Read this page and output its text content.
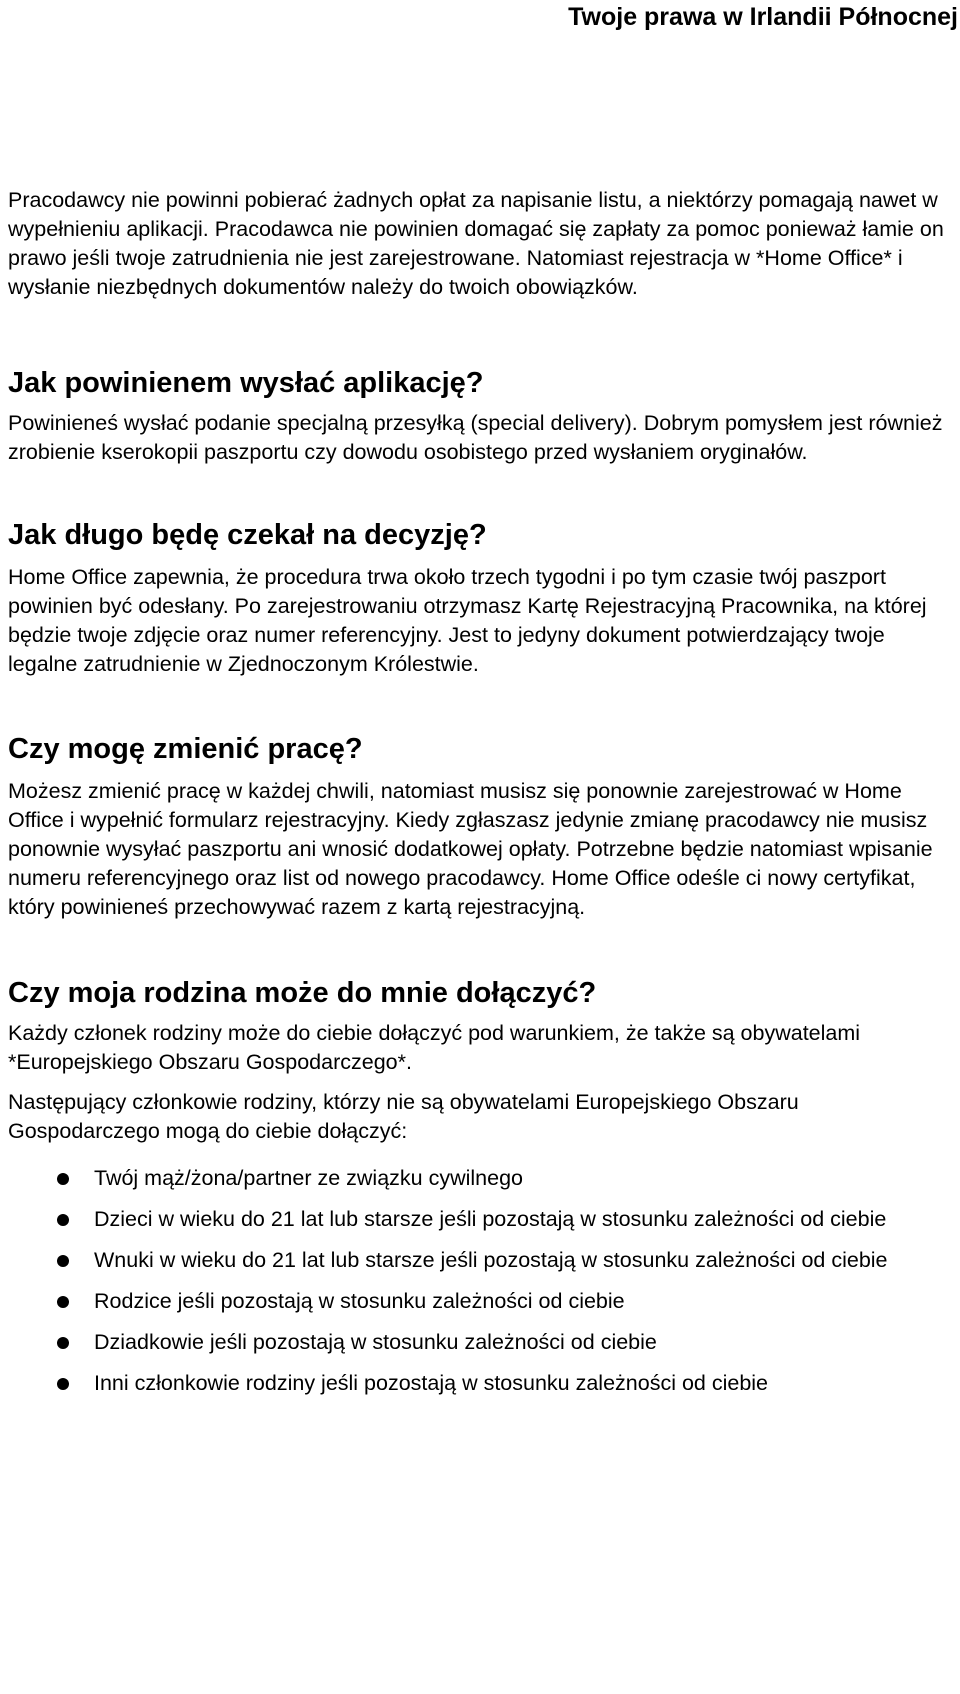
Twoje prawa w Irlandii Północnej

Pracodawcy nie powinni pobierać żadnych opłat za napisanie listu, a niektórzy pomagają nawet w wypełnieniu aplikacji. Pracodawca nie powinien domagać się zapłaty za pomoc ponieważ łamie on prawo jeśli twoje zatrudnienia nie jest zarejestrowane. Natomiast rejestracja w *Home Office* i wysłanie niezbędnych dokumentów należy do twoich obowiązków.

Jak powinienem wysłać aplikację?

Powinieneś wysłać podanie specjalną przesyłką (special delivery). Dobrym pomysłem jest również zrobienie kserokopii paszportu czy dowodu osobistego przed wysłaniem oryginałów.

Jak długo będę czekał na decyzję?

Home Office zapewnia, że procedura trwa około trzech tygodni i po tym czasie twój paszport powinien być odesłany. Po zarejestrowaniu otrzymasz Kartę Rejestracyjną Pracownika, na której będzie twoje zdjęcie oraz numer referencyjny. Jest to jedyny dokument potwierdzający twoje legalne zatrudnienie w Zjednoczonym Królestwie.

Czy mogę zmienić pracę?

Możesz zmienić pracę w każdej chwili, natomiast musisz się ponownie zarejestrować w Home Office i wypełnić formularz rejestracyjny. Kiedy zgłaszasz jedynie zmianę pracodawcy nie musisz ponownie wysyłać paszportu ani wnosić dodatkowej opłaty. Potrzebne będzie natomiast wpisanie numeru referencyjnego oraz list od nowego pracodawcy. Home Office odeśle ci nowy certyfikat, który powinieneś przechowywać razem z kartą rejestracyjną.

Czy moja rodzina może do mnie dołączyć?

Każdy członek rodziny może do ciebie dołączyć pod warunkiem, że także są obywatelami *Europejskiego Obszaru Gospodarczego*.

Następujący członkowie rodziny, którzy nie są obywatelami Europejskiego Obszaru Gospodarczego mogą do ciebie dołączyć:

Twój mąż/żona/partner ze związku cywilnego
Dzieci w wieku do 21 lat lub starsze jeśli pozostają w stosunku zależności od ciebie
Wnuki w wieku do 21 lat lub starsze jeśli pozostają w stosunku zależności od ciebie
Rodzice jeśli pozostają w stosunku zależności od ciebie
Dziadkowie jeśli pozostają w stosunku zależności od ciebie
Inni członkowie rodziny jeśli pozostają w stosunku zależności od ciebie
